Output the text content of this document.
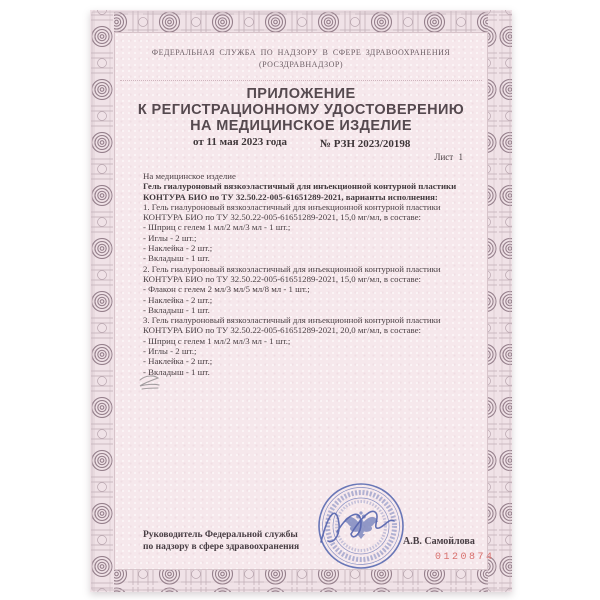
ФЕДЕРАЛЬНАЯ СЛУЖБА ПО НАДЗОРУ В СФЕРЕ ЗДРАВООХРАНЕНИЯ
(РОСЗДРАВНАДЗОР)
ПРИЛОЖЕНИЕ
К РЕГИСТРАЦИОННОМУ УДОСТОВЕРЕНИЮ
НА МЕДИЦИНСКОЕ ИЗДЕЛИЕ
от 11 мая 2023 года	№ РЗН 2023/20198
Лист 1
На медицинское изделие
Гель гиалуроновый вязкоэластичный для инъекционной контурной пластики
КОНТУРА БИО по ТУ 32.50.22-005-61651289-2021, варианты исполнения:
1. Гель гиалуроновый вязкоэластичный для инъекционной контурной пластики
КОНТУРА БИО по ТУ 32.50.22-005-61651289-2021, 15,0 мг/мл, в составе:
- Шприц с гелем 1 мл/2 мл/3 мл - 1 шт.;
- Иглы - 2 шт.;
- Наклейка - 2 шт.;
- Вкладыш - 1 шт.
2. Гель гиалуроновый вязкоэластичный для инъекционной контурной пластики
КОНТУРА БИО по ТУ 32.50.22-005-61651289-2021, 15,0 мг/мл, в составе:
- Флакон с гелем 2 мл/3 мл/5 мл/8 мл - 1 шт.;
- Наклейка - 2 шт.;
- Вкладыш - 1 шт.
3. Гель гиалуроновый вязкоэластичный для инъекционной контурной пластики
КОНТУРА БИО по ТУ 32.50.22-005-61651289-2021, 20,0 мг/мл, в составе:
- Шприц с гелем 1 мл/2 мл/3 мл - 1 шт.;
- Иглы - 2 шт.;
- Наклейка - 2 шт.;
- Вкладыш - 1 шт.
Руководитель Федеральной службы
по надзору в сфере здравоохранения	А.В. Самойлова
0120874
